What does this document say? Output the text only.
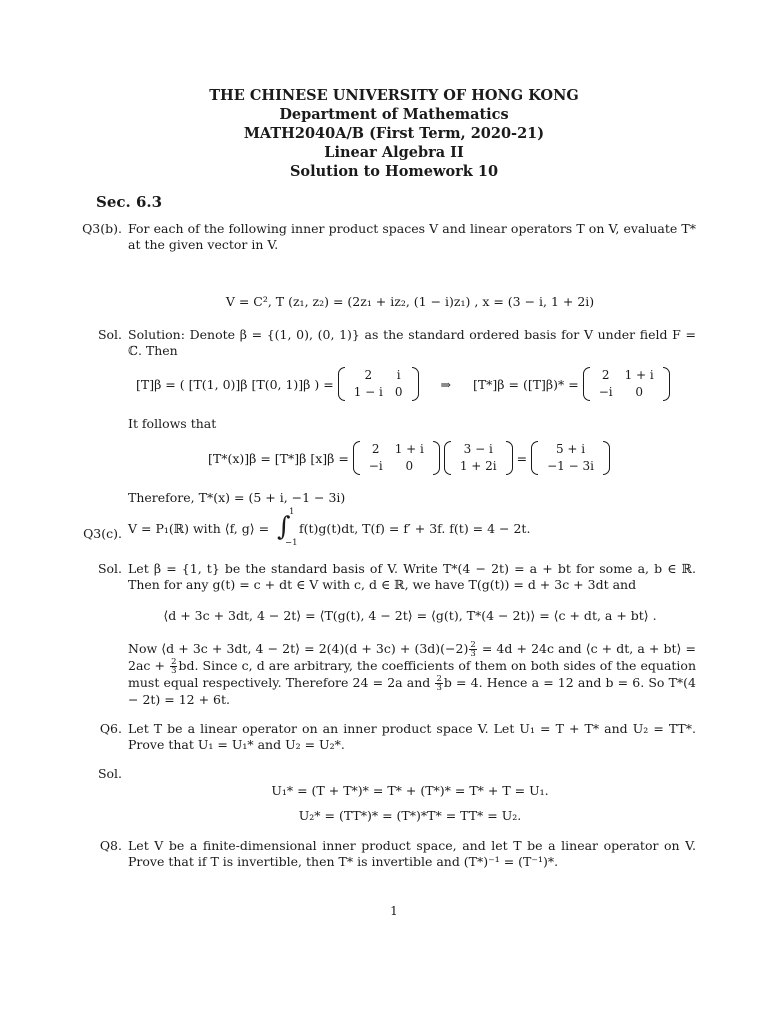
THE CHINESE UNIVERSITY OF HONG KONG
Department of Mathematics
MATH2040A/B (First Term, 2020-21)
Linear Algebra II
Solution to Homework 10
Sec. 6.3
Q3(b). For each of the following inner product spaces V and linear operators T on V, evaluate T* at the given vector in V.
V = C², T (z₁, z₂) = (2z₁ + iz₂, (1 − i)z₁) , x = (3 − i, 1 + 2i)
Sol. Solution: Denote β = {(1, 0), (0, 1)} as the standard ordered basis for V under field F = ℂ. Then
[T]β = ( [T(1, 0)]β [T(0, 1)]β ) =
2	i
1 − i	0
⇒ [T*]β = ([T]β)* =
2	1 + i
−i	0
It follows that
[T*(x)]β = [T*]β [x]β =
2	1 + i
−i	0

3 − i
1 + 2i
=
5 + i
−1 − 3i
Therefore, T*(x) = (5 + i, −1 − 3i)
Q3(c). V = P₁(ℝ) with ⟨f, g⟩ = ∫
1
−1
f(t)g(t)dt, T(f) = f′ + 3f. f(t) = 4 − 2t.
Sol. Let β = {1, t} be the standard basis of V. Write T*(4 − 2t) = a + bt for some a, b ∈ ℝ. Then for any g(t) = c + dt ∈ V with c, d ∈ ℝ, we have T(g(t)) = d + 3c + 3dt and
⟨d + 3c + 3dt, 4 − 2t⟩ = ⟨T(g(t), 4 − 2t⟩ = ⟨g(t), T*(4 − 2t)⟩ = ⟨c + dt, a + bt⟩ .
Now ⟨d + 3c + 3dt, 4 − 2t⟩ = $2(4)(d + 3c) + (3d)(-2) \frac{2}{3} = 4d + 24c$ and ⟨c + dt, a + bt⟩ = $2ac + \frac{2}{3}$ bd. Since c, d are arbitrary, the coefficients of them on both sides of the equation must equal respectively. Therefore 24 = 2a and $\frac{2}{3}$ b = 4. Hence a = 12 and b = 6. So T*(4 − 2t) = 12 + 6t.
Q6. Let T be a linear operator on an inner product space V. Let U₁ = T + T* and U₂ = TT*. Prove that U₁ = U₁* and U₂ = U₂*.
Sol.
U₁* = (T + T*)* = T* + (T*)* = T* + T = U₁.
U₂* = (TT*)* = (T*)*T* = TT* = U₂.
Q8. Let V be a finite-dimensional inner product space, and let T be a linear operator on V. Prove that if T is invertible, then T* is invertible and (T*)⁻¹ = (T⁻¹)*.
1
